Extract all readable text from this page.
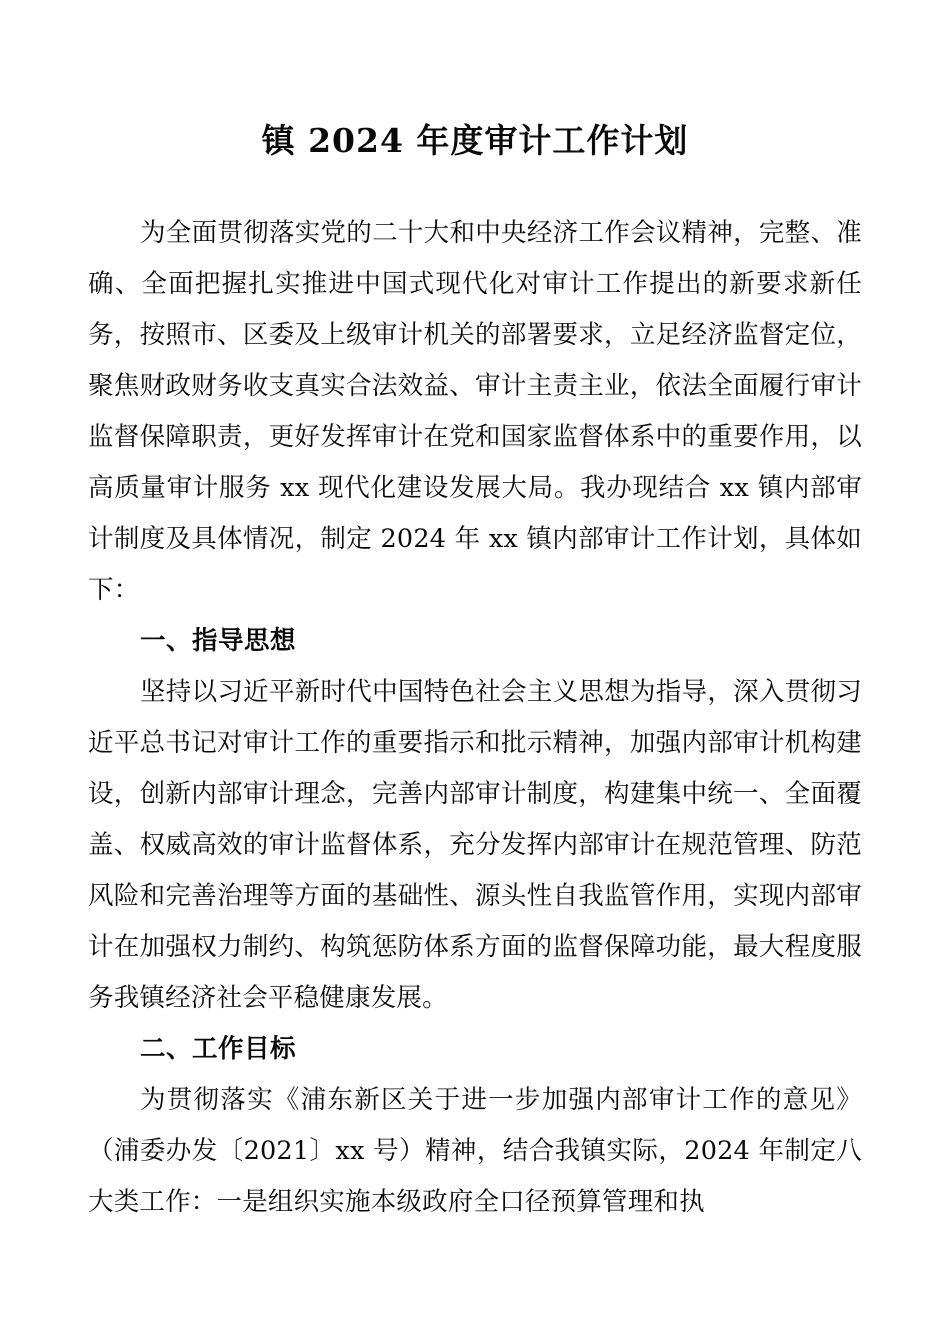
镇 2024 年度审计工作计划

为全面贯彻落实党的二十大和中央经济工作会议精神，完整、准确、全面把握扎实推进中国式现代化对审计工作提出的新要求新任务，按照市、区委及上级审计机关的部署要求，立足经济监督定位，聚焦财政财务收支真实合法效益、审计主责主业，依法全面履行审计监督保障职责，更好发挥审计在党和国家监督体系中的重要作用，以高质量审计服务 xx 现代化建设发展大局。我办现结合 xx 镇内部审计制度及具体情况，制定 2024 年 xx 镇内部审计工作计划，具体如下：

一、指导思想

坚持以习近平新时代中国特色社会主义思想为指导，深入贯彻习近平总书记对审计工作的重要指示和批示精神，加强内部审计机构建设，创新内部审计理念，完善内部审计制度，构建集中统一、全面覆盖、权威高效的审计监督体系，充分发挥内部审计在规范管理、防范风险和完善治理等方面的基础性、源头性自我监管作用，实现内部审计在加强权力制约、构筑惩防体系方面的监督保障功能，最大程度服务我镇经济社会平稳健康发展。

二、工作目标

为贯彻落实《浦东新区关于进一步加强内部审计工作的意见》（浦委办发〔2021〕xx 号）精神，结合我镇实际，2024 年制定八大类工作：一是组织实施本级政府全口径预算管理和执
